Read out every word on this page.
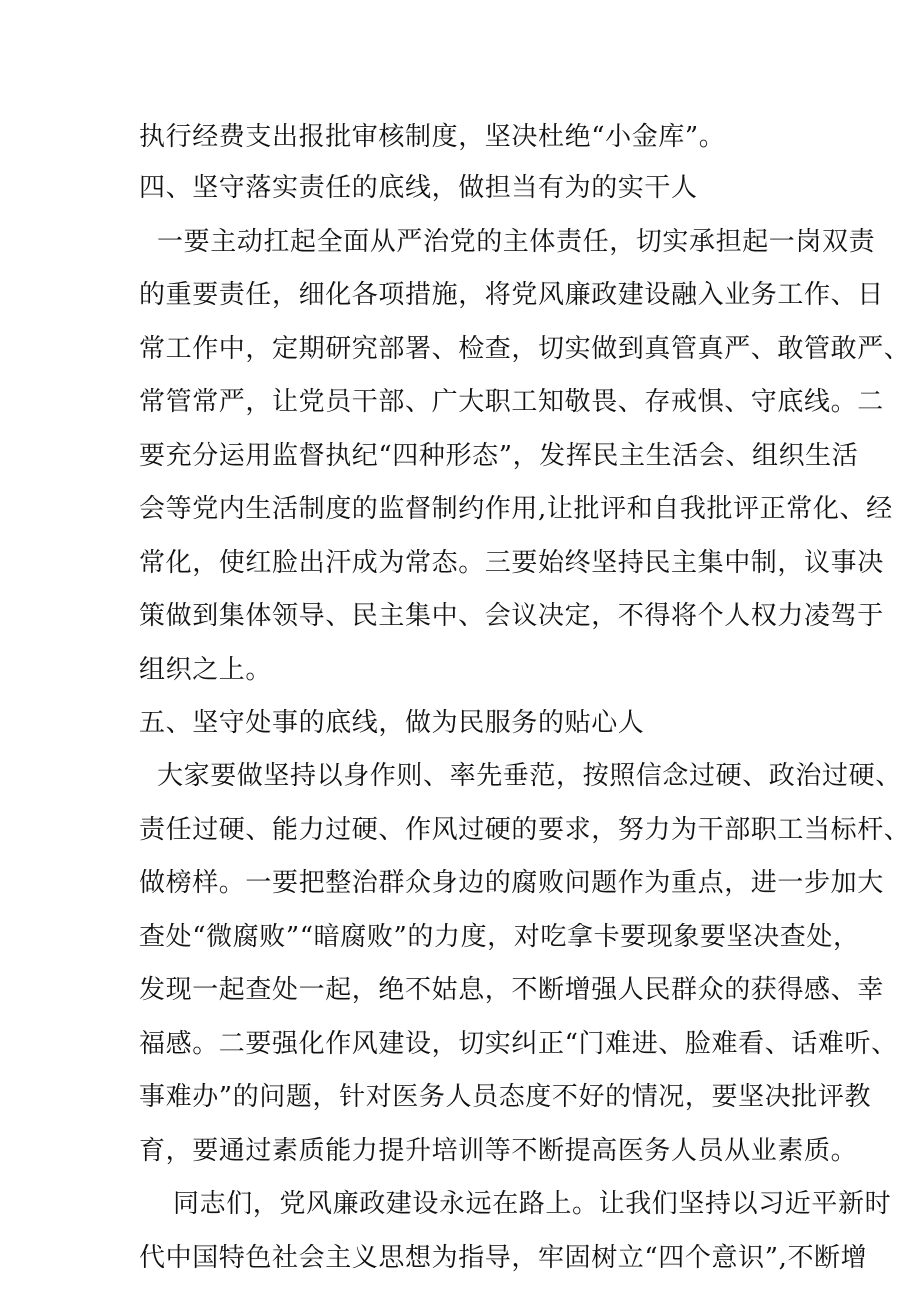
执行经费支出报批审核制度，坚决杜绝“小金库”。
四、坚守落实责任的底线，做担当有为的实干人
一要主动扛起全面从严治党的主体责任，切实承担起一岗双责
的重要责任，细化各项措施，将党风廉政建设融入业务工作、日
常工作中，定期研究部署、检查，切实做到真管真严、敢管敢严、
常管常严，让党员干部、广大职工知敬畏、存戒惧、守底线。二
要充分运用监督执纪“四种形态”，发挥民主生活会、组织生活
会等党内生活制度的监督制约作用,让批评和自我批评正常化、经
常化，使红脸出汗成为常态。三要始终坚持民主集中制，议事决
策做到集体领导、民主集中、会议决定，不得将个人权力凌驾于
组织之上。
五、坚守处事的底线，做为民服务的贴心人
大家要做坚持以身作则、率先垂范，按照信念过硬、政治过硬、
责任过硬、能力过硬、作风过硬的要求，努力为干部职工当标杆、
做榜样。一要把整治群众身边的腐败问题作为重点，进一步加大
查处“微腐败”“暗腐败”的力度，对吃拿卡要现象要坚决查处，
发现一起查处一起，绝不姑息，不断增强人民群众的获得感、幸
福感。二要强化作风建设，切实纠正“门难进、脸难看、话难听、
事难办”的问题，针对医务人员态度不好的情况，要坚决批评教
育，要通过素质能力提升培训等不断提高医务人员从业素质。
同志们，党风廉政建设永远在路上。让我们坚持以习近平新时
代中国特色社会主义思想为指导，牢固树立“四个意识”,不断增
